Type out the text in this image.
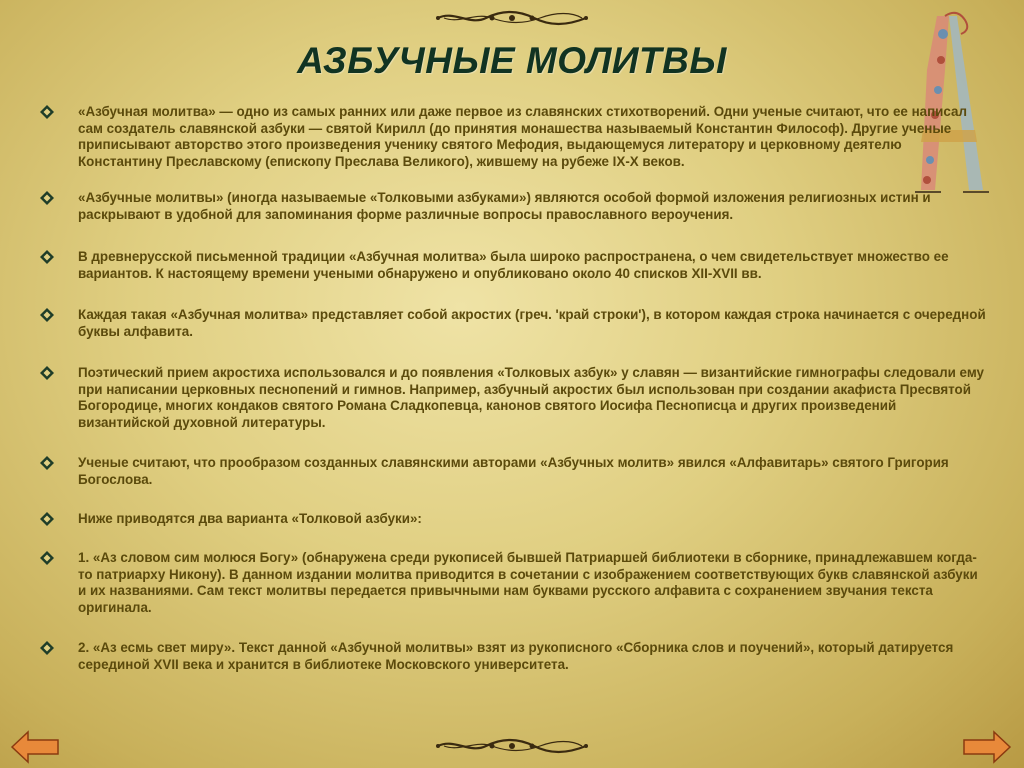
АЗБУЧНЫЕ МОЛИТВЫ
«Азбучная молитва» — одно из самых ранних или даже первое из славянских стихотворений. Одни ученые считают, что ее написал сам создатель славянской азбуки — святой Кирилл (до принятия монашества называемый Константин Философ). Другие ученые приписывают авторство этого произведения ученику святого Мефодия, выдающемуся литератору и церковному деятелю Константину Преславскому (епископу Преслава Великого), жившему на рубеже IX-X веков.
«Азбучные молитвы» (иногда называемые «Толковыми азбуками») являются особой формой изложения религиозных истин и раскрывают в удобной для запоминания форме различные вопросы православного вероучения.
В древнерусской письменной традиции «Азбучная молитва» была широко распространена, о чем свидетельствует множество ее вариантов. К настоящему времени учеными обнаружено и опубликовано около 40 списков XII-XVII вв.
Каждая такая «Азбучная молитва» представляет собой акростих (греч. 'край строки'), в котором каждая строка начинается с очередной буквы алфавита.
Поэтический прием акростиха использовался и до появления «Толковых азбук» у славян — византийские гимнографы следовали ему при написании церковных песнопений и гимнов. Например, азбучный акростих был использован при создании акафиста Пресвятой Богородице, многих кондаков святого Романа Сладкопевца, канонов святого Иосифа Песнописца и других произведений византийской духовной литературы.
Ученые считают, что прообразом созданных славянскими авторами «Азбучных молитв» явился «Алфавитарь» святого Григория Богослова.
Ниже приводятся два варианта «Толковой азбуки»:
1. «Аз словом сим молюся Богу» (обнаружена среди рукописей бывшей Патриаршей библиотеки в сборнике, принадлежавшем когда-то патриарху Никону). В данном издании молитва приводится в сочетании с изображением соответствующих букв славянской азбуки и их названиями. Сам текст молитвы передается привычными нам буквами русского алфавита с сохранением звучания текста оригинала.
2. «Аз есмь свет миру». Текст данной «Азбучной молитвы» взят из рукописного «Сборника слов и поучений», который датируется серединой XVII века и хранится в библиотеке Московского университета.
